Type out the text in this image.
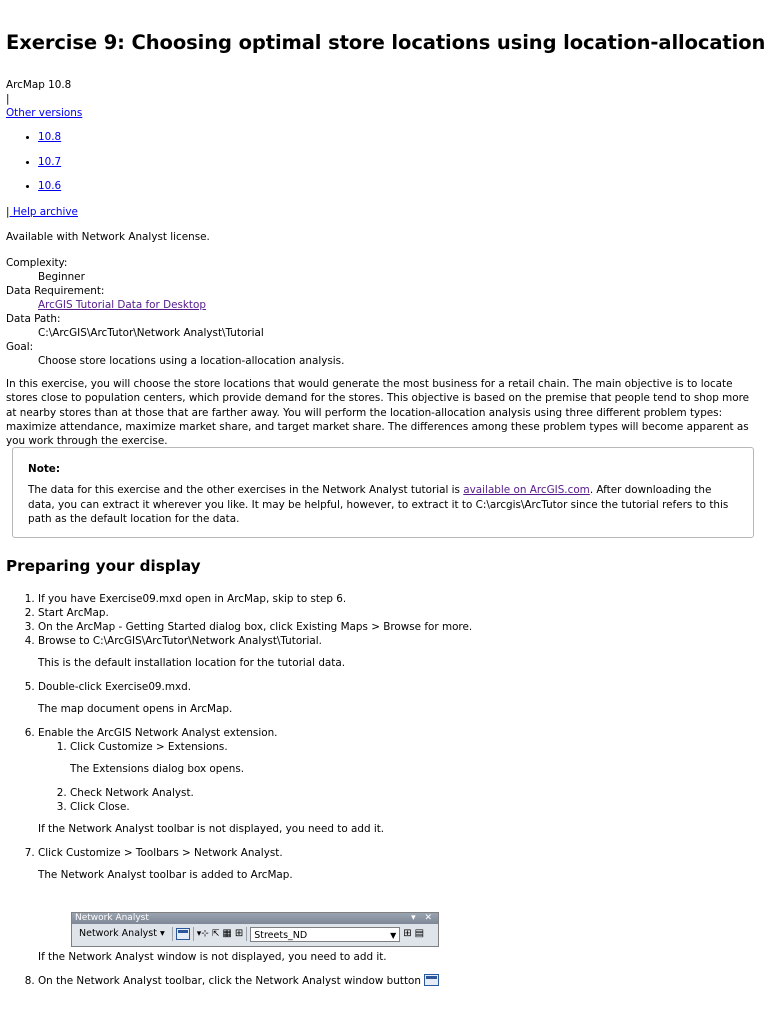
Exercise 9: Choosing optimal store locations using location-allocation
ArcMap 10.8
|
Other versions
• 10.8
• 10.7
• 10.6
| Help archive
Available with Network Analyst license.
Complexity:
Beginner
Data Requirement:
ArcGIS Tutorial Data for Desktop
Data Path:
C:\ArcGIS\ArcTutor\Network Analyst\Tutorial
Goal:
Choose store locations using a location-allocation analysis.
In this exercise, you will choose the store locations that would generate the most business for a retail chain. The main objective is to locate stores close to population centers, which provide demand for the stores. This objective is based on the premise that people tend to shop more at nearby stores than at those that are farther away. You will perform the location-allocation analysis using three different problem types: maximize attendance, maximize market share, and target market share. The differences among these problem types will become apparent as you work through the exercise.
Note:
The data for this exercise and the other exercises in the Network Analyst tutorial is available on ArcGIS.com. After downloading the data, you can extract it wherever you like. It may be helpful, however, to extract it to C:\arcgis\ArcTutor since the tutorial refers to this path as the default location for the data.
Preparing your display
1. If you have Exercise09.mxd open in ArcMap, skip to step 6.
2. Start ArcMap.
3. On the ArcMap - Getting Started dialog box, click Existing Maps > Browse for more.
4. Browse to C:\ArcGIS\ArcTutor\Network Analyst\Tutorial.
This is the default installation location for the tutorial data.
5. Double-click Exercise09.mxd.
The map document opens in ArcMap.
6. Enable the ArcGIS Network Analyst extension.
1. Click Customize > Extensions.
The Extensions dialog box opens.
2. Check Network Analyst.
3. Click Close.
If the Network Analyst toolbar is not displayed, you need to add it.
7. Click Customize > Toolbars > Network Analyst.
The Network Analyst toolbar is added to ArcMap.
If the Network Analyst window is not displayed, you need to add it.
8. On the Network Analyst toolbar, click the Network Analyst window button
Network Analyst	▾ ✕
Network Analyst ▾	▾⊹ ⇱ ▦ ⊞	Streets_ND	▼ ⊞ ▤
